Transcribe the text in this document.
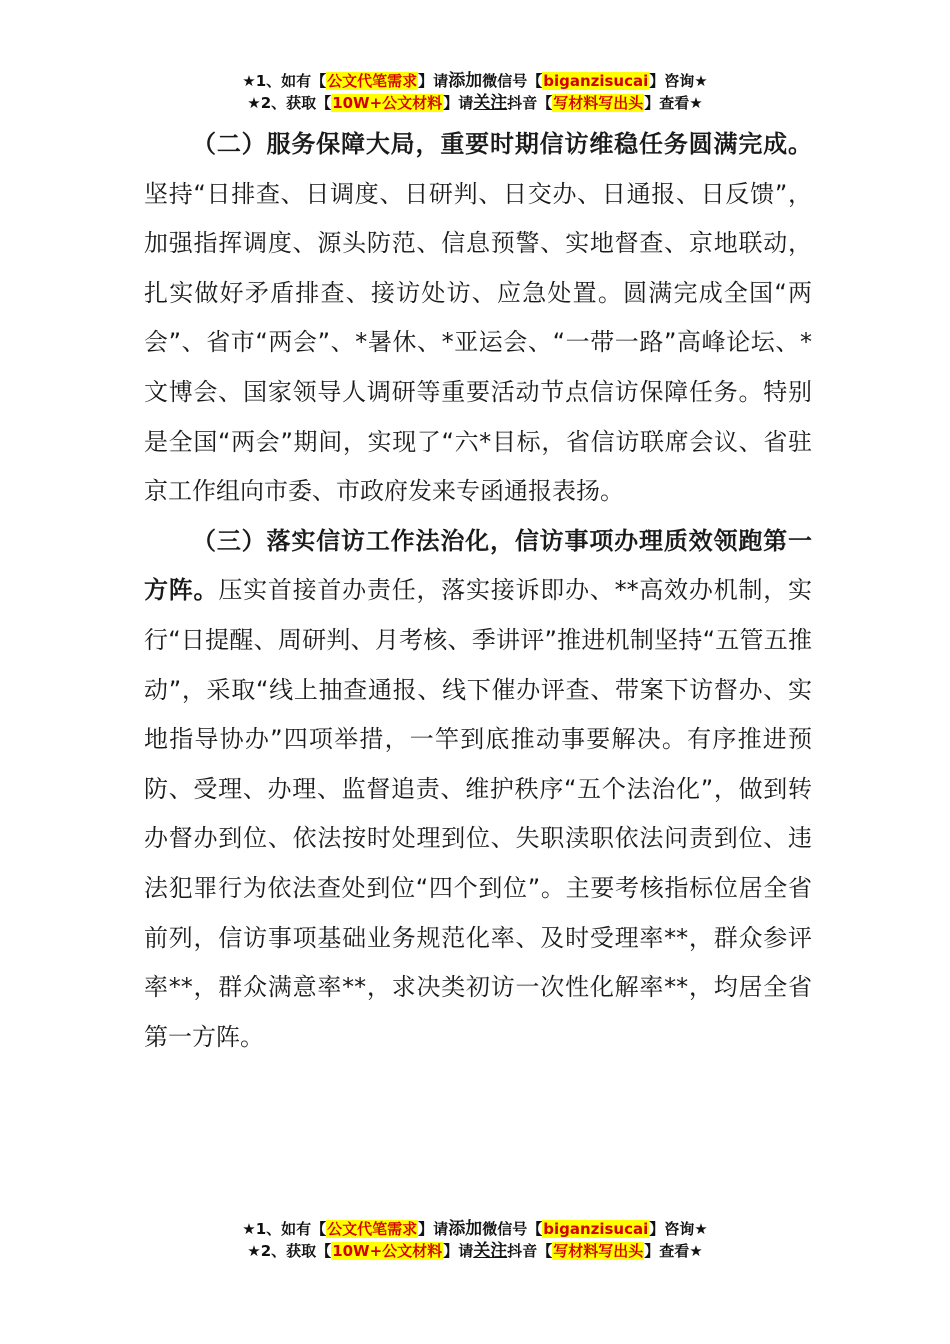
★1、如有【公文代笔需求】请添加微信号【biganzisucai】咨询★
★2、获取【10W+公文材料】请关注抖音【写材料写出头】查看★

（二）服务保障大局，重要时期信访维稳任务圆满完成。坚持“日排查、日调度、日研判、日交办、日通报、日反馈”，加强指挥调度、源头防范、信息预警、实地督查、京地联动，扎实做好矛盾排查、接访处访、应急处置。圆满完成全国“两会”、省市“两会”、*暑休、*亚运会、“一带一路”高峰论坛、*文博会、国家领导人调研等重要活动节点信访保障任务。特别是全国“两会”期间，实现了“六*目标，省信访联席会议、省驻京工作组向市委、市政府发来专函通报表扬。

（三）落实信访工作法治化，信访事项办理质效领跑第一方阵。压实首接首办责任，落实接诉即办、**高效办机制，实行“日提醒、周研判、月考核、季讲评”推进机制坚持“五管五推动”，采取“线上抽查通报、线下催办评查、带案下访督办、实地指导协办”四项举措，一竿到底推动事要解决。有序推进预防、受理、办理、监督追责、维护秩序“五个法治化”，做到转办督办到位、依法按时处理到位、失职渎职依法问责到位、违法犯罪行为依法查处到位“四个到位”。主要考核指标位居全省前列，信访事项基础业务规范化率、及时受理率**，群众参评率**，群众满意率**，求决类初访一次性化解率**，均居全省第一方阵。

★1、如有【公文代笔需求】请添加微信号【biganzisucai】咨询★
★2、获取【10W+公文材料】请关注抖音【写材料写出头】查看★
